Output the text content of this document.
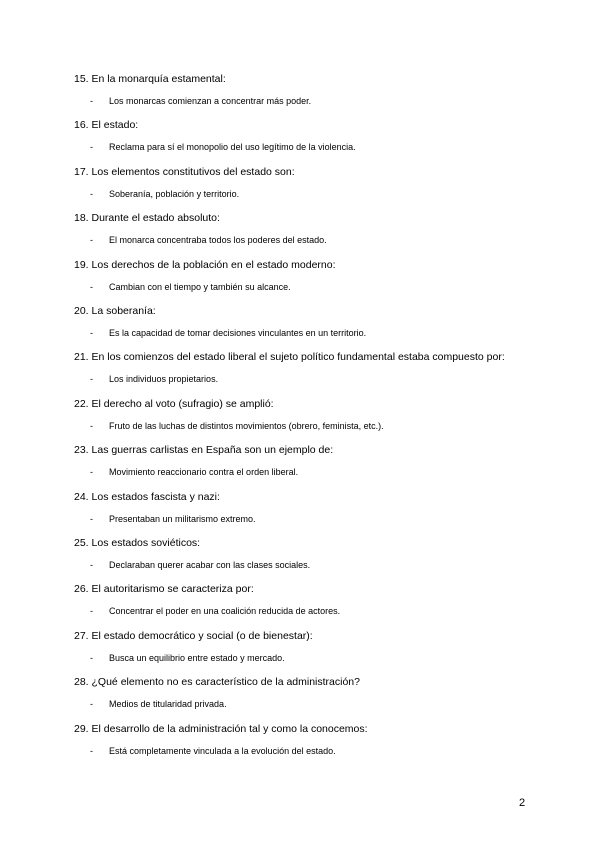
15. En la monarquía estamental:
- Los monarcas comienzan a concentrar más poder.
16. El estado:
- Reclama para sí el monopolio del uso legítimo de la violencia.
17. Los elementos constitutivos del estado son:
- Soberanía, población y territorio.
18. Durante el estado absoluto:
- El monarca concentraba todos los poderes del estado.
19. Los derechos de la población en el estado moderno:
- Cambian con el tiempo y también su alcance.
20. La soberanía:
- Es la capacidad de tomar decisiones vinculantes en un territorio.
21. En los comienzos del estado liberal el sujeto político fundamental estaba compuesto por:
- Los individuos propietarios.
22. El derecho al voto (sufragio) se amplió:
- Fruto de las luchas de distintos movimientos (obrero, feminista, etc.).
23. Las guerras carlistas en España son un ejemplo de:
- Movimiento reaccionario contra el orden liberal.
24. Los estados fascista y nazi:
- Presentaban un militarismo extremo.
25. Los estados soviéticos:
- Declaraban querer acabar con las clases sociales.
26. El autoritarismo se caracteriza por:
- Concentrar el poder en una coalición reducida de actores.
27. El estado democrático y social (o de bienestar):
- Busca un equilibrio entre estado y mercado.
28. ¿Qué elemento no es característico de la administración?
- Medios de titularidad privada.
29. El desarrollo de la administración tal y como la conocemos:
- Está completamente vinculada a la evolución del estado.
2
